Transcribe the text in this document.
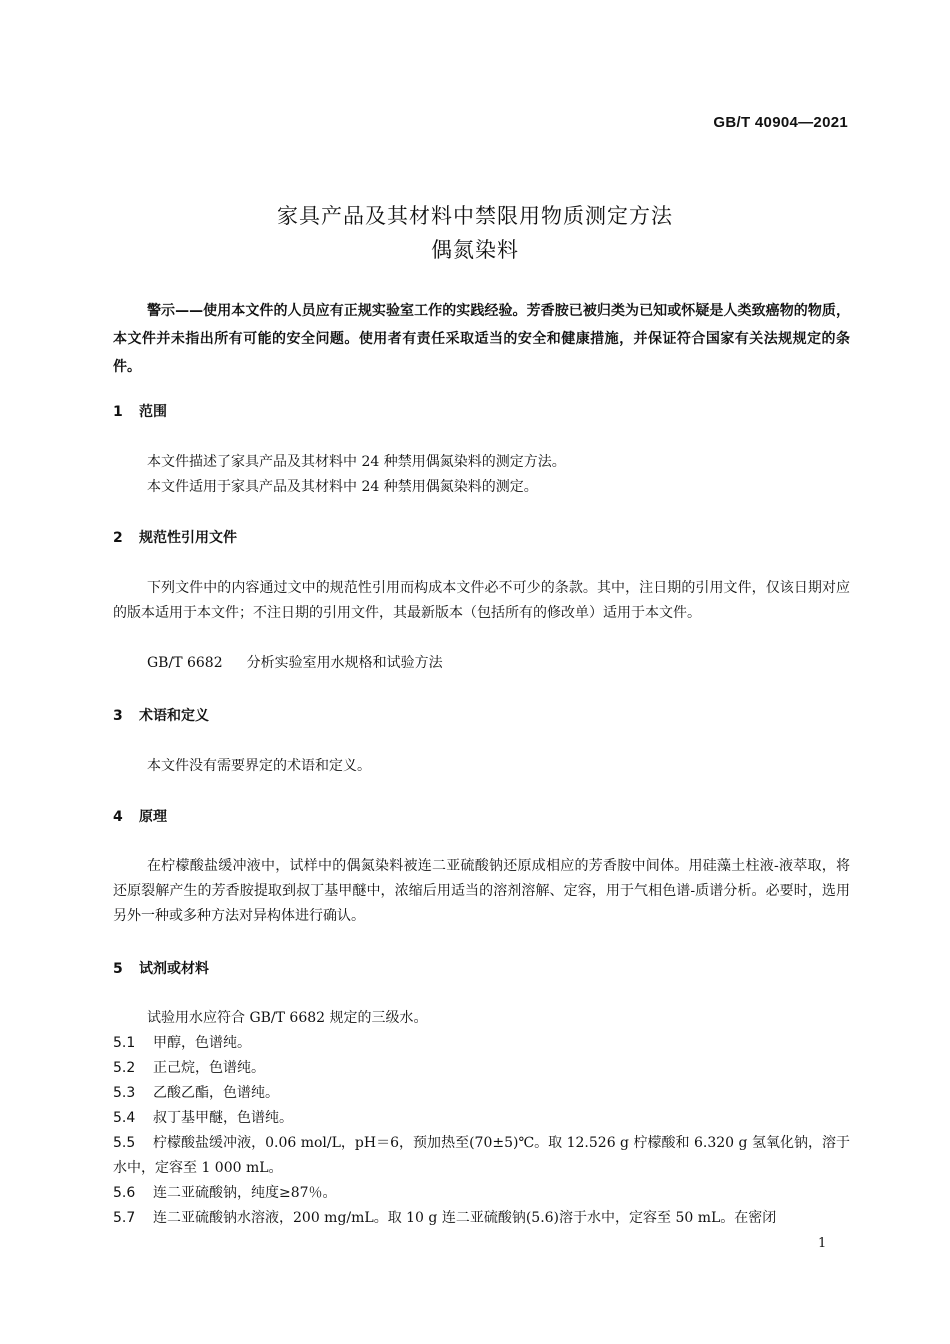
GB/T 40904—2021
家具产品及其材料中禁限用物质测定方法
偶氮染料
警示——使用本文件的人员应有正规实验室工作的实践经验。芳香胺已被归类为已知或怀疑是人类致癌物的物质，本文件并未指出所有可能的安全问题。使用者有责任采取适当的安全和健康措施，并保证符合国家有关法规规定的条件。
1 范围
本文件描述了家具产品及其材料中 24 种禁用偶氮染料的测定方法。
本文件适用于家具产品及其材料中 24 种禁用偶氮染料的测定。
2 规范性引用文件
下列文件中的内容通过文中的规范性引用而构成本文件必不可少的条款。其中，注日期的引用文件，仅该日期对应的版本适用于本文件；不注日期的引用文件，其最新版本（包括所有的修改单）适用于本文件。
GB/T 6682 分析实验室用水规格和试验方法
3 术语和定义
本文件没有需要界定的术语和定义。
4 原理
在柠檬酸盐缓冲液中，试样中的偶氮染料被连二亚硫酸钠还原成相应的芳香胺中间体。用硅藻土柱液-液萃取，将还原裂解产生的芳香胺提取到叔丁基甲醚中，浓缩后用适当的溶剂溶解、定容，用于气相色谱-质谱分析。必要时，选用另外一种或多种方法对异构体进行确认。
5 试剂或材料
试验用水应符合 GB/T 6682 规定的三级水。
5.1 甲醇，色谱纯。
5.2 正己烷，色谱纯。
5.3 乙酸乙酯，色谱纯。
5.4 叔丁基甲醚，色谱纯。
5.5 柠檬酸盐缓冲液，0.06 mol/L，pH＝6，预加热至(70±5)℃。取 12.526 g 柠檬酸和 6.320 g 氢氧化钠，溶于水中，定容至 1 000 mL。
5.6 连二亚硫酸钠，纯度≥87％。
5.7 连二亚硫酸钠水溶液，200 mg/mL。取 10 g 连二亚硫酸钠(5.6)溶于水中，定容至 50 mL。在密闭
1
